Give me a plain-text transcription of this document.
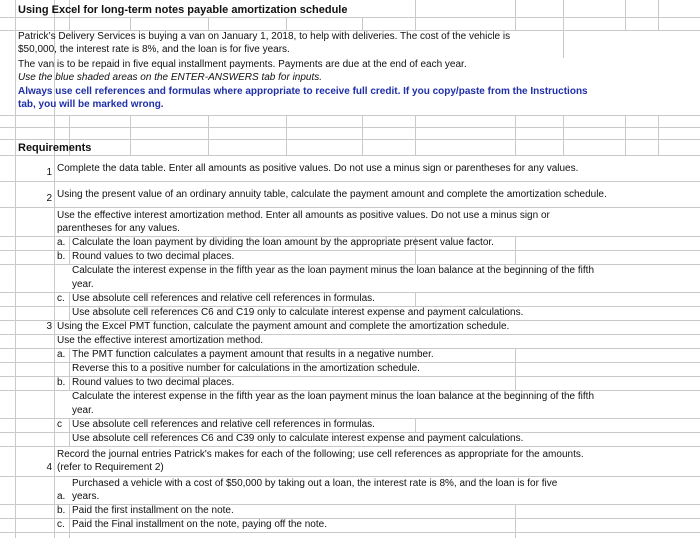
Using Excel for long-term notes payable amortization schedule
Patrick’s Delivery Services is buying a van on January 1, 2018, to help with deliveries. The cost of the vehicle is
$50,000, the interest rate is 8%, and the loan is for five years.
The van is to be repaid in five equal installment payments. Payments are due at the end of each year.
Use the blue shaded areas on the ENTER-ANSWERS tab for inputs.
Always use cell references and formulas where appropriate to receive full credit. If you copy/paste from the Instructions
tab, you will be marked wrong.
Requirements
1 Complete the data table. Enter all amounts as positive values. Do not use a minus sign or parentheses for any values.
2 Using the present value of an ordinary annuity table, calculate the payment amount and complete the amortization schedule.
Use the effective interest amortization method. Enter all amounts as positive values. Do not use a minus sign or
parentheses for any values.
a. Calculate the loan payment by dividing the loan amount by the appropriate present value factor.
b. Round values to two decimal places.
Calculate the interest expense in the fifth year as the loan payment minus the loan balance at the beginning of the fifth
year.
c. Use absolute cell references and relative cell references in formulas.
Use absolute cell references C6 and C19 only to calculate interest expense and payment calculations.
3 Using the Excel PMT function, calculate the payment amount and complete the amortization schedule.
Use the effective interest amortization method.
a. The PMT function calculates a payment amount that results in a negative number.
Reverse this to a positive number for calculations in the amortization schedule.
b. Round values to two decimal places.
Calculate the interest expense in the fifth year as the loan payment minus the loan balance at the beginning of the fifth
year.
c Use absolute cell references and relative cell references in formulas.
Use absolute cell references C6 and C39 only to calculate interest expense and payment calculations.
Record the journal entries Patrick's makes for each of the following; use cell references as appropriate for the amounts.
4 (refer to Requirement 2)
Purchased a vehicle with a cost of $50,000 by taking out a loan, the interest rate is 8%, and the loan is for five
a. years.
b. Paid the first installment on the note.
c. Paid the Final installment on the note, paying off the note.
